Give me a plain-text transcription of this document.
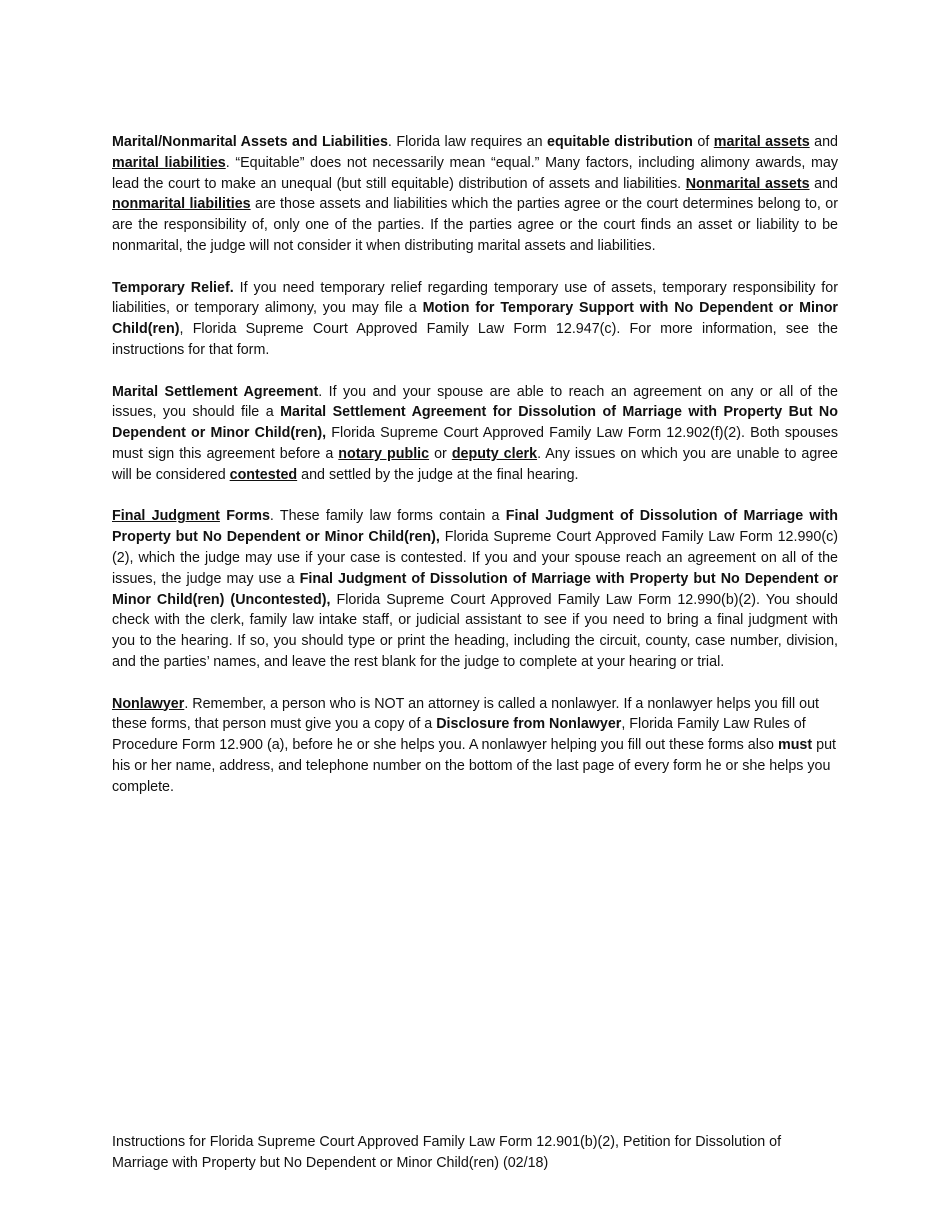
Marital/Nonmarital Assets and Liabilities. Florida law requires an equitable distribution of marital assets and marital liabilities. “Equitable” does not necessarily mean “equal.” Many factors, including alimony awards, may lead the court to make an unequal (but still equitable) distribution of assets and liabilities. Nonmarital assets and nonmarital liabilities are those assets and liabilities which the parties agree or the court determines belong to, or are the responsibility of, only one of the parties. If the parties agree or the court finds an asset or liability to be nonmarital, the judge will not consider it when distributing marital assets and liabilities.

Temporary Relief. If you need temporary relief regarding temporary use of assets, temporary responsibility for liabilities, or temporary alimony, you may file a Motion for Temporary Support with No Dependent or Minor Child(ren), Florida Supreme Court Approved Family Law Form 12.947(c). For more information, see the instructions for that form.

Marital Settlement Agreement. If you and your spouse are able to reach an agreement on any or all of the issues, you should file a Marital Settlement Agreement for Dissolution of Marriage with Property But No Dependent or Minor Child(ren), Florida Supreme Court Approved Family Law Form 12.902(f)(2). Both spouses must sign this agreement before a notary public or deputy clerk. Any issues on which you are unable to agree will be considered contested and settled by the judge at the final hearing.

Final Judgment Forms. These family law forms contain a Final Judgment of Dissolution of Marriage with Property but No Dependent or Minor Child(ren), Florida Supreme Court Approved Family Law Form 12.990(c)(2), which the judge may use if your case is contested. If you and your spouse reach an agreement on all of the issues, the judge may use a Final Judgment of Dissolution of Marriage with Property but No Dependent or Minor Child(ren) (Uncontested), Florida Supreme Court Approved Family Law Form 12.990(b)(2). You should check with the clerk, family law intake staff, or judicial assistant to see if you need to bring a final judgment with you to the hearing. If so, you should type or print the heading, including the circuit, county, case number, division, and the parties’ names, and leave the rest blank for the judge to complete at your hearing or trial.

Nonlawyer. Remember, a person who is NOT an attorney is called a nonlawyer. If a nonlawyer helps you fill out these forms, that person must give you a copy of a Disclosure from Nonlawyer, Florida Family Law Rules of Procedure Form 12.900 (a), before he or she helps you. A nonlawyer helping you fill out these forms also must put his or her name, address, and telephone number on the bottom of the last page of every form he or she helps you complete.

Instructions for Florida Supreme Court Approved Family Law Form 12.901(b)(2), Petition for Dissolution of Marriage with Property but No Dependent or Minor Child(ren) (02/18)
